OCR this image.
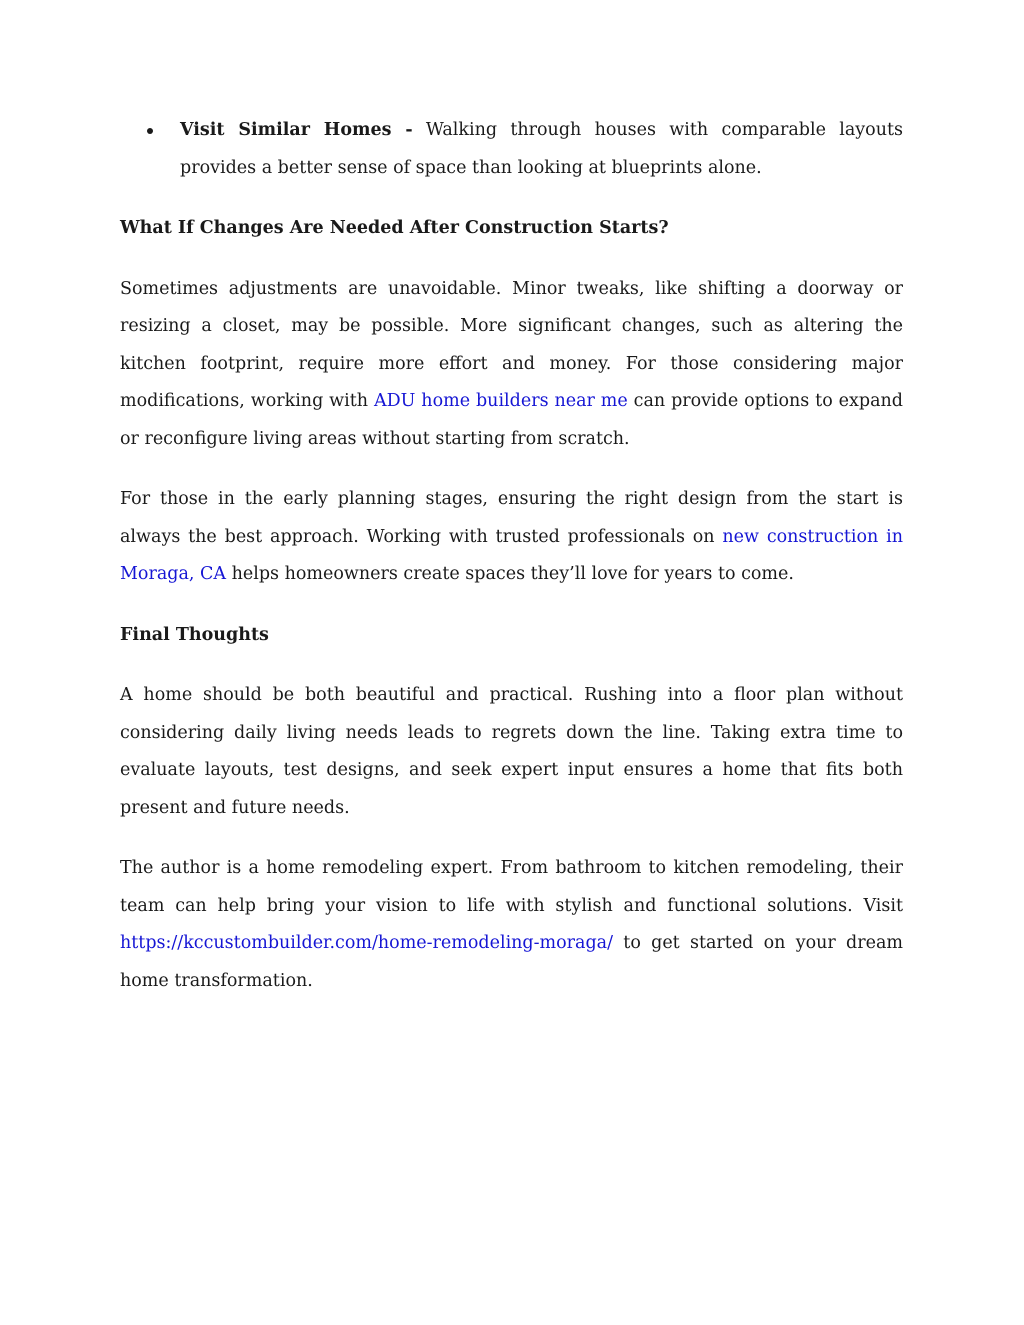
Visit Similar Homes - Walking through houses with comparable layouts provides a better sense of space than looking at blueprints alone.

What If Changes Are Needed After Construction Starts?

Sometimes adjustments are unavoidable. Minor tweaks, like shifting a doorway or resizing a closet, may be possible. More significant changes, such as altering the kitchen footprint, require more effort and money. For those considering major modifications, working with ADU home builders near me can provide options to expand or reconfigure living areas without starting from scratch.

For those in the early planning stages, ensuring the right design from the start is always the best approach. Working with trusted professionals on new construction in Moraga, CA helps homeowners create spaces they’ll love for years to come.

Final Thoughts

A home should be both beautiful and practical. Rushing into a floor plan without considering daily living needs leads to regrets down the line. Taking extra time to evaluate layouts, test designs, and seek expert input ensures a home that fits both present and future needs.

The author is a home remodeling expert. From bathroom to kitchen remodeling, their team can help bring your vision to life with stylish and functional solutions. Visit https://kccustombuilder.com/home-remodeling-moraga/ to get started on your dream home transformation.
